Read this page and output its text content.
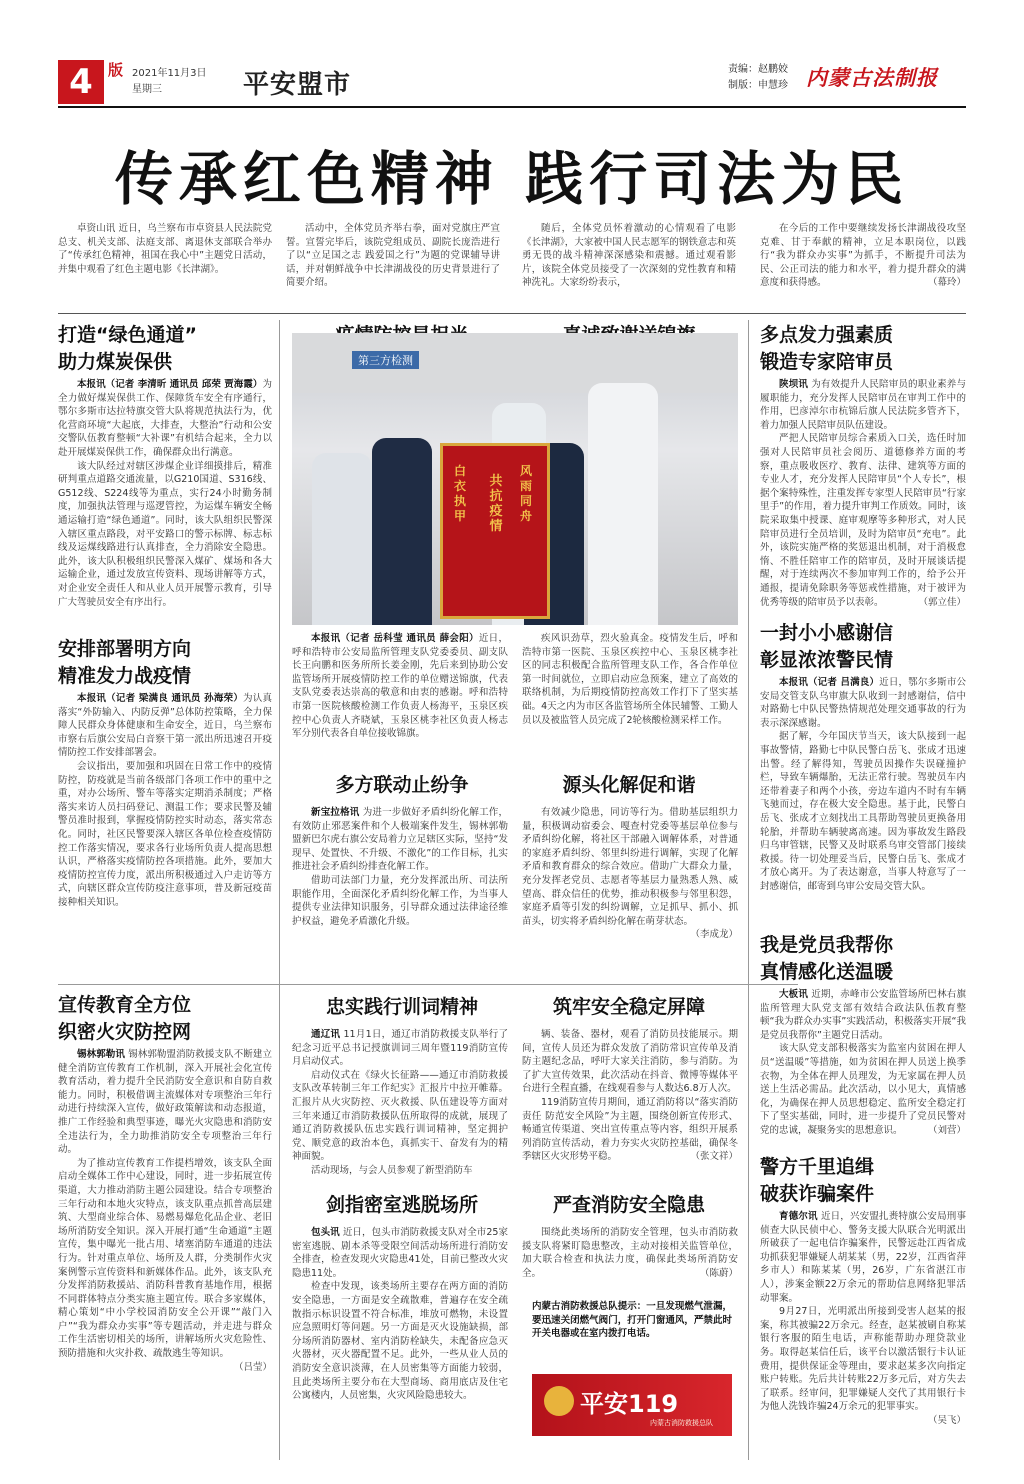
4	版 2021年11月3日
星期三	平安盟市
责编：赵鹏姣
制版：申慧珍 内蒙古法制报
传承红色精神 践行司法为民

卓资山讯 近日，乌兰察布市卓资县人民法院党总支、机关支部、法庭支部、离退休支部联合举办了“传承红色精神，祖国在我心中”主题党日活动，并集中观看了红色主题电影《长津湖》。

活动中，全体党员齐举右拳，面对党旗庄严宣誓。宣誓完毕后，该院党组成员、副院长庞浩进行了以“立足国之志 践爱国之行”为题的党课辅导讲话，并对朝鲜战争中长津湖战役的历史背景进行了简要介绍。

随后，全体党员怀着激动的心情观看了电影《长津湖》，大家被中国人民志愿军的钢铁意志和英勇无畏的战斗精神深深感染和震撼。通过观看影片，该院全体党员接受了一次深刻的党性教育和精神洗礼。大家纷纷表示，

在今后的工作中要继续发扬长津湖战役攻坚克难、甘于奉献的精神，立足本职岗位，以践行“我为群众办实事”为抓手，不断提升司法为民、公正司法的能力和水平，着力提升群众的满意度和获得感。	（幕玲）

打造“绿色通道”
助力煤炭保供

本报讯（记者 李清昕 通讯员 邱荣 贾海霞）为全力做好煤炭保供工作、保障货车安全有序通行，鄂尔多斯市达拉特旗交管大队将规范执法行为，优化营商环境“大起底，大排查，大整治”行动和公安交警队伍教育整顿“大补课”有机结合起来，全力以赴开展煤炭保供工作，确保群众出行满意。

该大队经过对辖区涉煤企业详细摸排后，精准研判重点道路交通流量，以G210国道、S316线、G512线、S224线等为重点，实行24小时勤务制度，加强执法管理与巡逻管控，为运煤车辆安全畅通运输打造“绿色通道”。同时，该大队组织民警深入辖区重点路段，对平安路口的警示标牌、标志标线及运煤线路进行认真排查，全力消除安全隐患。此外，该大队积极组织民警深入煤矿、煤场和各大运输企业，通过发放宣传资料、现场讲解等方式，对企业安全责任人和从业人员开展警示教育，引导广大驾驶员安全有序出行。

安排部署明方向
精准发力战疫情

本报讯（记者 梁满良 通讯员 孙海荣）为认真落实“外防输入、内防反弹”总体防控策略，全力保障人民群众身体健康和生命安全，近日，乌兰察布市察右后旗公安局白音察干第一派出所迅速召开疫情防控工作安排部署会。

会议指出，要加强和巩固在日常工作中的疫情防控，防疫就是当前各级部门各项工作中的重中之重，对办公场所、警车等落实定期消杀制度；严格落实来访人员扫码登记、测温工作；要求民警及辅警员准时报到，掌握疫情防控实时动态，落实常态化。同时，社区民警要深入辖区各单位检查疫情防控工作落实情况，要求各行业场所负责人提高思想认识，严格落实疫情防控各项措施。此外，要加大疫情防控宣传力度，派出所积极通过入户走访等方式，向辖区群众宣传防疫注意事项，普及新冠疫苗接种相关知识。

宣传教育全方位
织密火灾防控网

锡林郭勒讯 锡林郭勒盟消防救援支队不断建立健全消防宣传教育工作机制，深入开展社会化宣传教育活动，着力提升全民消防安全意识和自防自救能力。同时，积极借调主流媒体对专项整治三年行动进行持续深入宣传，做好政策解读和动态报道，推广工作经验和典型事迹，曝光火灾隐患和消防安全违法行为，全力助推消防安全专项整治三年行动。

为了推动宣传教育工作提档增效，该支队全面启动全媒体工作中心建设，同时，进一步拓展宣传渠道，大力推动消防主题公园建设。结合专项整治三年行动和本地火灾特点，该支队重点抓普高层建筑、大型商业综合体、易燃易爆危化品企业、老旧场所消防安全知识。深入开展打通“生命通道”主题宣传，集中曝光一批占用、堵塞消防车通道的违法行为。针对重点单位、场所及人群，分类制作火灾案例警示宣传资料和新媒体作品。此外，该支队充分发挥消防救援站、消防科普教育基地作用，根据不同群体特点分类实施主题宣传。联合多家媒体，精心策划“中小学校园消防安全公开课”“敲门入户”“我为群众办实事”等专题活动，并走进与群众工作生活密切相关的场所，讲解场所火灾危险性、预防措施和火灾扑救、疏散逃生等知识。
（吕莹）

第三方检测
白衣执甲
共抗疫情
风雨同舟

本报讯（记者 岳科莹 通讯员 薛会阳）近日，呼和浩特市公安局监所管理支队党委委员、副支队长王向鹏和医务所所长姜金刚，先后来到协助公安监管场所开展疫情防控工作的单位赠送锦旗，代表支队党委表达崇高的敬意和由衷的感谢。呼和浩特市第一医院核酸检测工作负责人杨海平，玉泉区疾控中心负责人齐晓斌，玉泉区桃李社区负责人杨志军分别代表各自单位接收锦旗。

疾风识劲草，烈火验真金。疫情发生后，呼和浩特市第一医院、玉泉区疾控中心、玉泉区桃李社区的同志积极配合监所管理支队工作，各合作单位第一时间就位，立即启动应急预案，建立了高效的联络机制，为后期疫情防控高效工作打下了坚实基础。4天之内为市区各监管场所全体民辅警、工勤人员以及被监管人员完成了2轮核酸检测采样工作。

多方联动止纷争	源头化解促和谐

新宝拉格讯 为进一步做好矛盾纠纷化解工作，有效防止邪恶案件和个人极端案件发生，锡林郭勒盟新巴尔虎右旗公安局着力立足辖区实际，坚持“发现早、处置快、不升级、不激化”的工作目标，扎实推进社会矛盾纠纷排查化解工作。

借助司法部门力量，充分发挥派出所、司法所职能作用，全面深化矛盾纠纷化解工作，为当事人提供专业法律知识服务，引导群众通过法律途径维护权益，避免矛盾激化升级。

有效减少隐患，同访等行为。借助基层组织力量，积极调动宿委会、嘎查村党委等基层单位参与矛盾纠纷化解，将社区干部融入调解体系，对普通的家庭矛盾纠纷、邻里纠纷进行调解，实现了化解矛盾和教育群众的综合效应。借助广大群众力量，充分发挥老党员、志愿者等基层力量熟悉人熟、威望高、群众信任的优势，推动积极参与邻里积怨，家庭矛盾等引发的纠纷调解，立足抓早、抓小、抓苗头，切实将矛盾纠纷化解在萌芽状态。
（李成龙）

忠实践行训词精神	筑牢安全稳定屏障

通辽讯 11月1日，通辽市消防救援支队举行了纪念习近平总书记授旗训词三周年暨119消防宣传月启动仪式。

启动仪式在《绿火长征路——通辽市消防救援支队改革转制三年工作纪实》汇报片中拉开帷幕。汇报片从火灾防控、灭火救援、队伍建设等方面对三年来通辽市消防救援队伍所取得的成就，展现了通辽消防救援队伍忠实践行训词精神，坚定拥护党、顺党意的政治本色，真抓实干、奋发有为的精神面貌。

活动现场，与会人员参观了新型消防车

辆、装备、器材，观看了消防员技能展示。期间，宣传人员还为群众发放了消防常识宣传单及消防主题纪念品，呼吁大家关注消防，参与消防。为了扩大宣传效果，此次活动在抖音、微博等媒体平台进行全程直播，在线观看参与人数达6.8万人次。

119消防宣传月期间，通辽消防将以“落实消防责任 防范安全风险”为主题，围绕创新宣传形式、畅通宣传渠道、突出宣传重点等内容，组织开展系列消防宣传活动，着力夯实火灾防控基础，确保冬季辖区火灾形势平稳。	（张文祥）

剑指密室逃脱场所	严查消防安全隐患

包头讯 近日，包头市消防救援支队对全市25家密室逃脱、剧本杀等受限空间活动场所进行消防安全排查，检查发现火灾隐患41处，目前已整改火灾隐患11处。

检查中发现，该类场所主要存在两方面的消防安全隐患，一方面是安全疏散难，普遍存在安全疏散指示标识设置不符合标准，堆放可燃物，未设置应急照明灯等问题。另一方面是灭火设施缺损，部分场所消防器材、室内消防栓缺失，未配备应急灭火器材，灭火器配置不足。此外，一些从业人员的消防安全意识淡薄，在人员密集等方面能力较弱，且此类场所主要分布在大型商场、商用底店及住宅公寓楼内，人员密集，火灾风险隐患较大。

围绕此类场所的消防安全管理，包头市消防救援支队将紧盯隐患整改，主动对接相关监管单位，加大联合检查和执法力度，确保此类场所消防安全。	（陈蔚）

内蒙古消防救援总队提示：一旦发现燃气泄漏，要迅速关闭燃气阀门，打开门窗通风，严禁此时开关电器或在室内拨打电话。

平安119
内蒙古消防救援总队
多点发力强素质
锻造专家陪审员

陕坝讯 为有效提升人民陪审员的职业素养与履职能力，充分发挥人民陪审员在审判工作中的作用，巴彦淖尔市杭锦后旗人民法院多管齐下，着力加强人民陪审员队伍建设。

严把人民陪审员综合素质入口关，选任时加强对人民陪审员社会阅历、道德修养方面的考察，重点吸收医疗、教育、法律、建筑等方面的专业人才，充分发挥人民陪审员“个人专长”，根据个案特殊性，注重发挥专家型人民陪审员“行家里手”的作用，着力提升审判工作质效。同时，该院采取集中授课、庭审观摩等多种形式，对人民陪审员进行全员培训，及时为陪审员“充电”。此外，该院实施严格的奖惩退出机制，对于消极怠惰、不胜任陪审工作的陪审员，及时开展谈话提醒，对于连续两次不参加审判工作的，给予公开通报，提请免除职务等惩戒性措施，对于被评为优秀等级的陪审员予以表彰。	（郭立佳）

一封小小感谢信
彰显浓浓警民情

本报讯（记者 吕满良）近日，鄂尔多斯市公安局交管支队乌审旗大队收到一封感谢信，信中对路勤七中队民警热情规范处理交通事故的行为表示深深感谢。

据了解，今年国庆节当天，该大队接到一起事故警情，路勤七中队民警白岳飞、张成才迅速出警。经了解得知，驾驶员因操作失误碰撞护栏，导致车辆爆胎，无法正常行驶。驾驶员车内还带着妻子和两个小孩，旁边车道内不时有车辆飞驰而过，存在极大安全隐患。基于此，民警白岳飞、张成才立刻找出工具帮助驾驶员更换备用轮胎，并帮助车辆驶离高速。因为事故发生路段归乌审管辖，民警又及时联系乌审交管部门接续救援。待一切处理妥当后，民警白岳飞、张成才才放心离开。为了表达谢意，当事人特意写了一封感谢信，邮寄到乌审公安局交管大队。

我是党员我帮你
真情感化送温暖

大板讯 近期，赤峰市公安监管场所巴林右旗监所管理大队党支部有效结合政法队伍教育整顿“我为群众办实事”实践活动，积极落实开展“我是党员我帮你”主题党日活动。

该大队党支部积极落实为监室内贫困在押人员“送温暖”等措施，如为贫困在押人员送上换季衣物，为全体在押人员理发，为无家属在押人员送上生活必需品。此次活动，以小见大，真情感化，为确保在押人员思想稳定、监所安全稳定打下了坚实基础，同时，进一步提升了党员民警对党的忠诚，凝聚务实的思想意识。	（刘营）

警方千里追缉
破获诈骗案件

育德尔讯 近日，兴安盟扎赉特旗公安局刑事侦查大队民侦中心、警务支援大队联合光明派出所破获了一起电信诈骗案件，民警远赴江西省成功抓获犯罪嫌疑人胡某某（男，22岁，江西省萍乡市人）和陈某某（男，26岁，广东省湛江市人），涉案金额22万余元的帮助信息网络犯罪活动罪案。

9月27日，光明派出所接到受害人赵某的报案，称其被骗22万余元。经查，赵某被刷自称某银行客服的陌生电话，声称能帮助办理贷款业务。取得赵某信任后，该平台以激活银行卡认证费用，提供保证金等理由，要求赵某多次向指定账户转账。先后共计转账22万多元后，对方失去了联系。经审问，犯罪嫌疑人交代了其用银行卡为他人洗钱诈骗24万余元的犯罪事实。
（吴飞）
